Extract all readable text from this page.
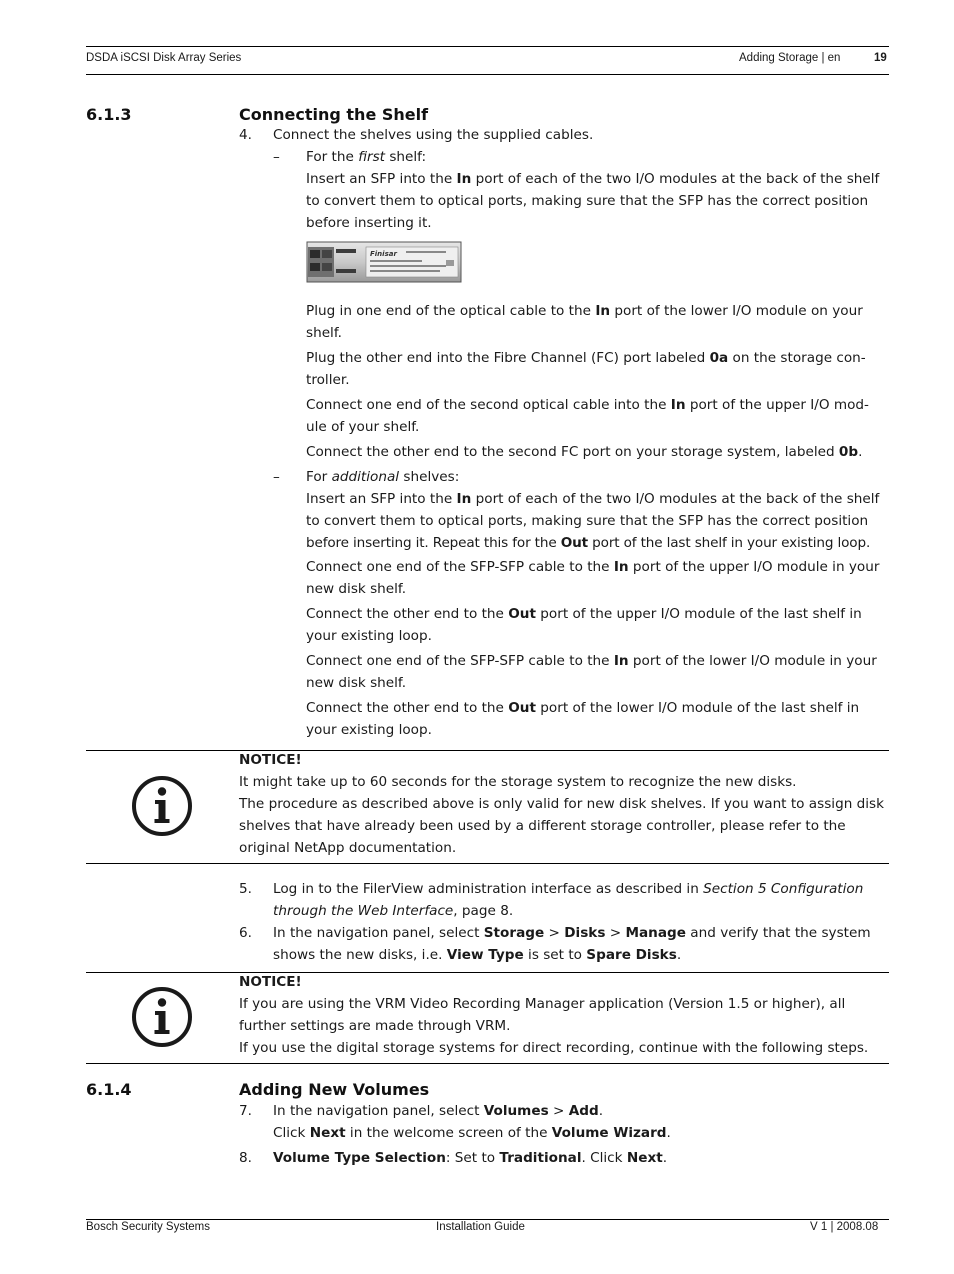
DSDA iSCSI Disk Array Series	Adding Storage | en	19
6.1.3	Connecting the Shelf
4. Connect the shelves using the supplied cables.
– For the first shelf:
Insert an SFP into the In port of each of the two I/O modules at the back of the shelf
to convert them to optical ports, making sure that the SFP has the correct position
before inserting it.
Finisar
Plug in one end of the optical cable to the In port of the lower I/O module on your
shelf.
Plug the other end into the Fibre Channel (FC) port labeled 0a on the storage con-
troller.
Connect one end of the second optical cable into the In port of the upper I/O mod-
ule of your shelf.
Connect the other end to the second FC port on your storage system, labeled 0b.
– For additional shelves:
Insert an SFP into the In port of each of the two I/O modules at the back of the shelf
to convert them to optical ports, making sure that the SFP has the correct position
before inserting it. Repeat this for the Out port of the last shelf in your existing loop.
Connect one end of the SFP-SFP cable to the In port of the upper I/O module in your
new disk shelf.
Connect the other end to the Out port of the upper I/O module of the last shelf in
your existing loop.
Connect one end of the SFP-SFP cable to the In port of the lower I/O module in your
new disk shelf.
Connect the other end to the Out port of the lower I/O module of the last shelf in
your existing loop.
NOTICE!
It might take up to 60 seconds for the storage system to recognize the new disks.
The procedure as described above is only valid for new disk shelves. If you want to assign disk
shelves that have already been used by a different storage controller, please refer to the
original NetApp documentation.
5. Log in to the FilerView administration interface as described in Section 5 Configuration
through the Web Interface, page 8.
6. In the navigation panel, select Storage > Disks > Manage and verify that the system
shows the new disks, i.e. View Type is set to Spare Disks.
NOTICE!
If you are using the VRM Video Recording Manager application (Version 1.5 or higher), all
further settings are made through VRM.
If you use the digital storage systems for direct recording, continue with the following steps.
6.1.4	Adding New Volumes
7. In the navigation panel, select Volumes > Add.
Click Next in the welcome screen of the Volume Wizard.
8. Volume Type Selection: Set to Traditional. Click Next.
Bosch Security Systems	Installation Guide	V 1 | 2008.08
